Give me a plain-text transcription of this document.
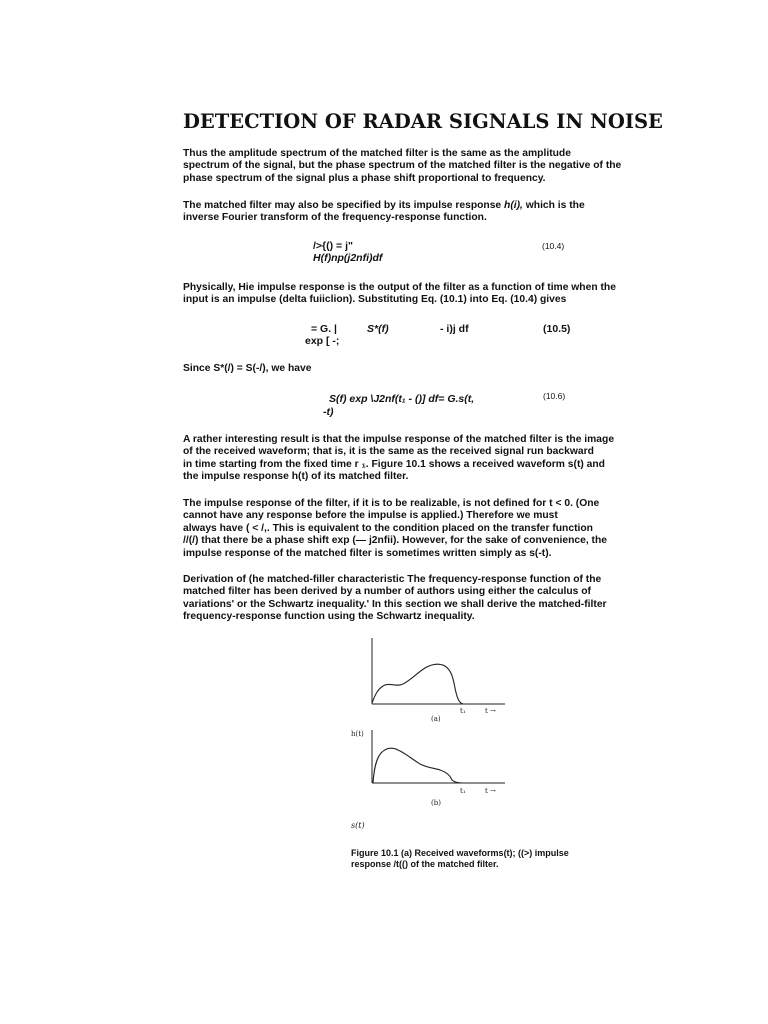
DETECTION OF RADAR SIGNALS IN NOISE
Thus the amplitude spectrum of the matched filter is the same as the amplitude
spectrum of the signal, but the phase spectrum of the matched filter is the negative of the
phase spectrum of the signal plus a phase shift proportional to frequency.
The matched filter may also be specified by its impulse response h(i), which is the
inverse Fourier transform of the frequency-response function.
/>{() = j"
H(f)np(j2nfi)df
(10.4)
Physically, Hie impulse response is the output of the filter as a function of time when the
input is an impulse (delta fuiiclion). Substituting Eq. (10.1) into Eq. (10.4) gives
= G. |	S*(f)	- i)j df
exp [ -;
(10.5)
Since S*(/) = S(-/), we have
S(f) exp \J2nf(t₁ - ()] df= G.s(t,
-t)
(10.6)
A rather interesting result is that the impulse response of the matched filter is the image
of the received waveform; that is, it is the same as the received signal run backward
in time starting from the fixed time r ₁. Figure 10.1 shows a received waveform s(t) and
the impulse response h(t) of its matched filter.
The impulse response of the filter, if it is to be realizable, is not defined for t < 0. (One
cannot have any response before the impulse is applied.) Therefore we must
always have ( < /,. This is equivalent to the condition placed on the transfer function
//(/) that there be a phase shift exp (— j2nfii). However, for the sake of convenience, the
impulse response of the matched filter is sometimes written simply as s(-t).
Derivation of (he matched-filler characteristic The frequency-response function of the
matched filter has been derived by a number of authors using either the calculus of
variations' or the Schwartz inequality.' In this section we shall derive the matched-filter
frequency-response function using the Schwartz inequality.
t₁	t →
(a)
h(t)
t₁	t →
(b)
s(t)
Figure 10.1 (a) Received waveforms(t); ((>) impulse
response /t(() of the matched filter.
